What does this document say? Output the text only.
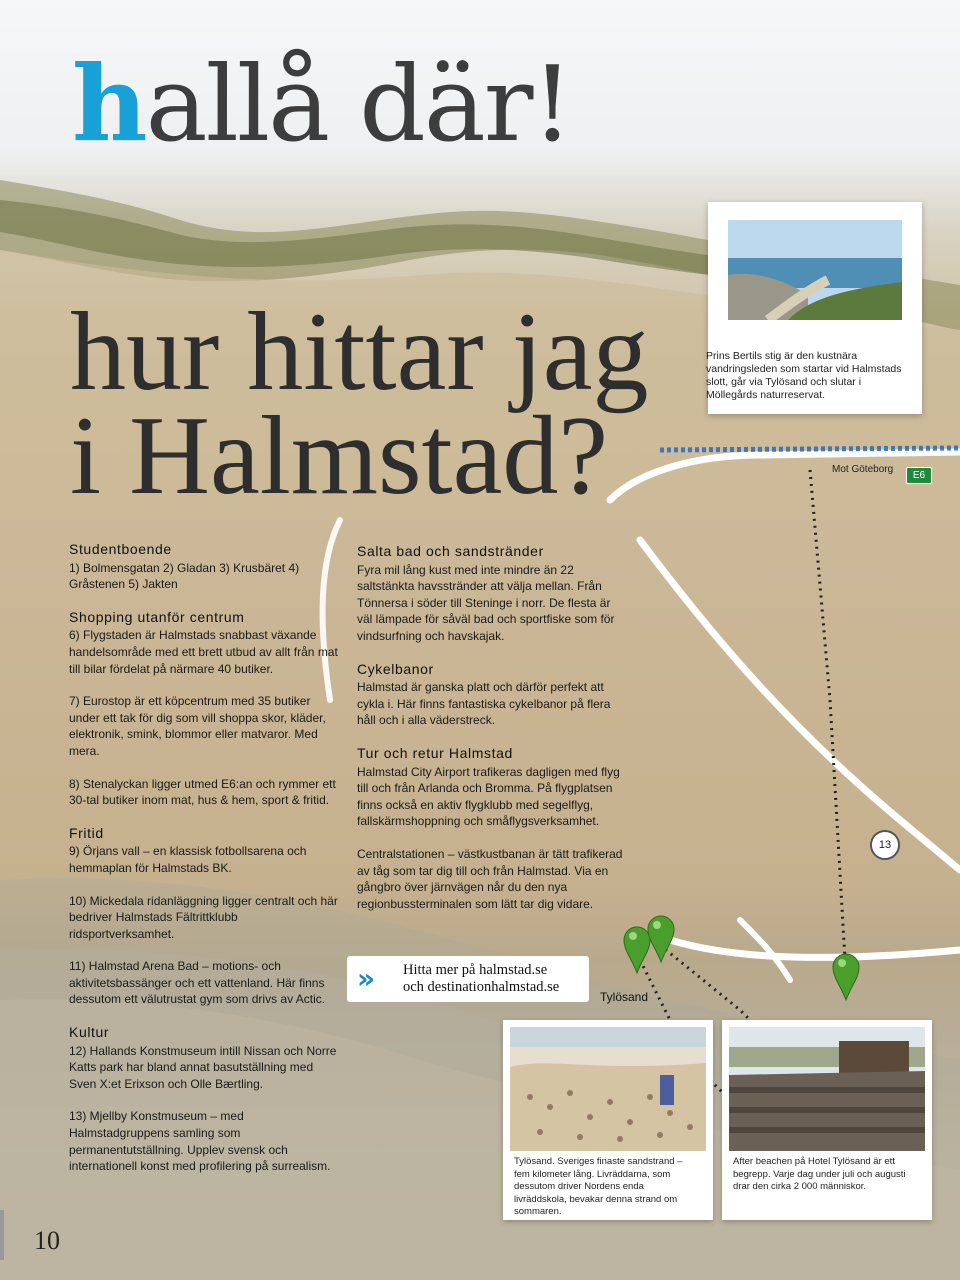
hallå där!
hur hittar jag
i Halmstad?
Prins Bertils stig är den kustnära vandringsleden som startar vid Halmstads slott, går via Tylösand och slutar i Möllegårds naturreservat.
Mot Göteborg
E6
13
Tylösand
Studentboende

1) Bolmensgatan 2) Gladan 3) Krusbäret 4) Gråstenen 5) Jakten

Shopping utanför centrum

6) Flygstaden är Halmstads snabbast växande handelsområde med ett brett utbud av allt från mat till bilar fördelat på närmare 40 butiker.

7) Eurostop är ett köpcentrum med 35 butiker under ett tak för dig som vill shoppa skor, kläder, elektronik, smink, blommor eller matvaror. Med mera.

8) Stenalyckan ligger utmed E6:an och rymmer ett 30-tal butiker inom mat, hus & hem, sport & fritid.

Fritid

9) Örjans vall – en klassisk fotbollsarena och hemmaplan för Halmstads BK.

10) Mickedala ridanläggning ligger centralt och här bedriver Halmstads Fältrittklubb ridsportverksamhet.

11) Halmstad Arena Bad – motions- och aktivitetsbassänger och ett vattenland. Här finns dessutom ett välutrustat gym som drivs av Actic.

Kultur

12) Hallands Konstmuseum intill Nissan och Norre Katts park har bland annat basutställning med Sven X:et Erixson och Olle Bærtling.

13) Mjellby Konstmuseum – med Halmstadgruppens samling som permanentutställning. Upplev svensk och internationell konst med profilering på surrealism.

Salta bad och sandstränder

Fyra mil lång kust med inte mindre än 22 saltstänkta havsstränder att välja mellan. Från Tönnersa i söder till Steninge i norr. De flesta är väl lämpade för såväl bad och sportfiske som för vindsurfning och havskajak.

Cykelbanor

Halmstad är ganska platt och därför perfekt att cykla i. Här finns fantastiska cykelbanor på flera håll och i alla väderstreck.

Tur och retur Halmstad

Halmstad City Airport trafikeras dagligen med flyg till och från Arlanda och Bromma. På flygplatsen finns också en aktiv flygklubb med segelflyg, fallskärmshoppning och småflygsverksamhet.

Centralstationen – västkustbanan är tätt trafikerad av tåg som tar dig till och från Halmstad. Via en gångbro över järnvägen når du den nya regionbussterminalen som lätt tar dig vidare.

» Hitta mer på halmstad.se
och destinationhalmstad.se
Tylösand. Sveriges finaste sandstrand – fem kilometer lång. Livräddarna, som dessutom driver Nordens enda livräddskola, bevakar denna strand om sommaren.
After beachen på Hotel Tylösand är ett begrepp. Varje dag under juli och augusti drar den cirka 2 000 människor.
10
